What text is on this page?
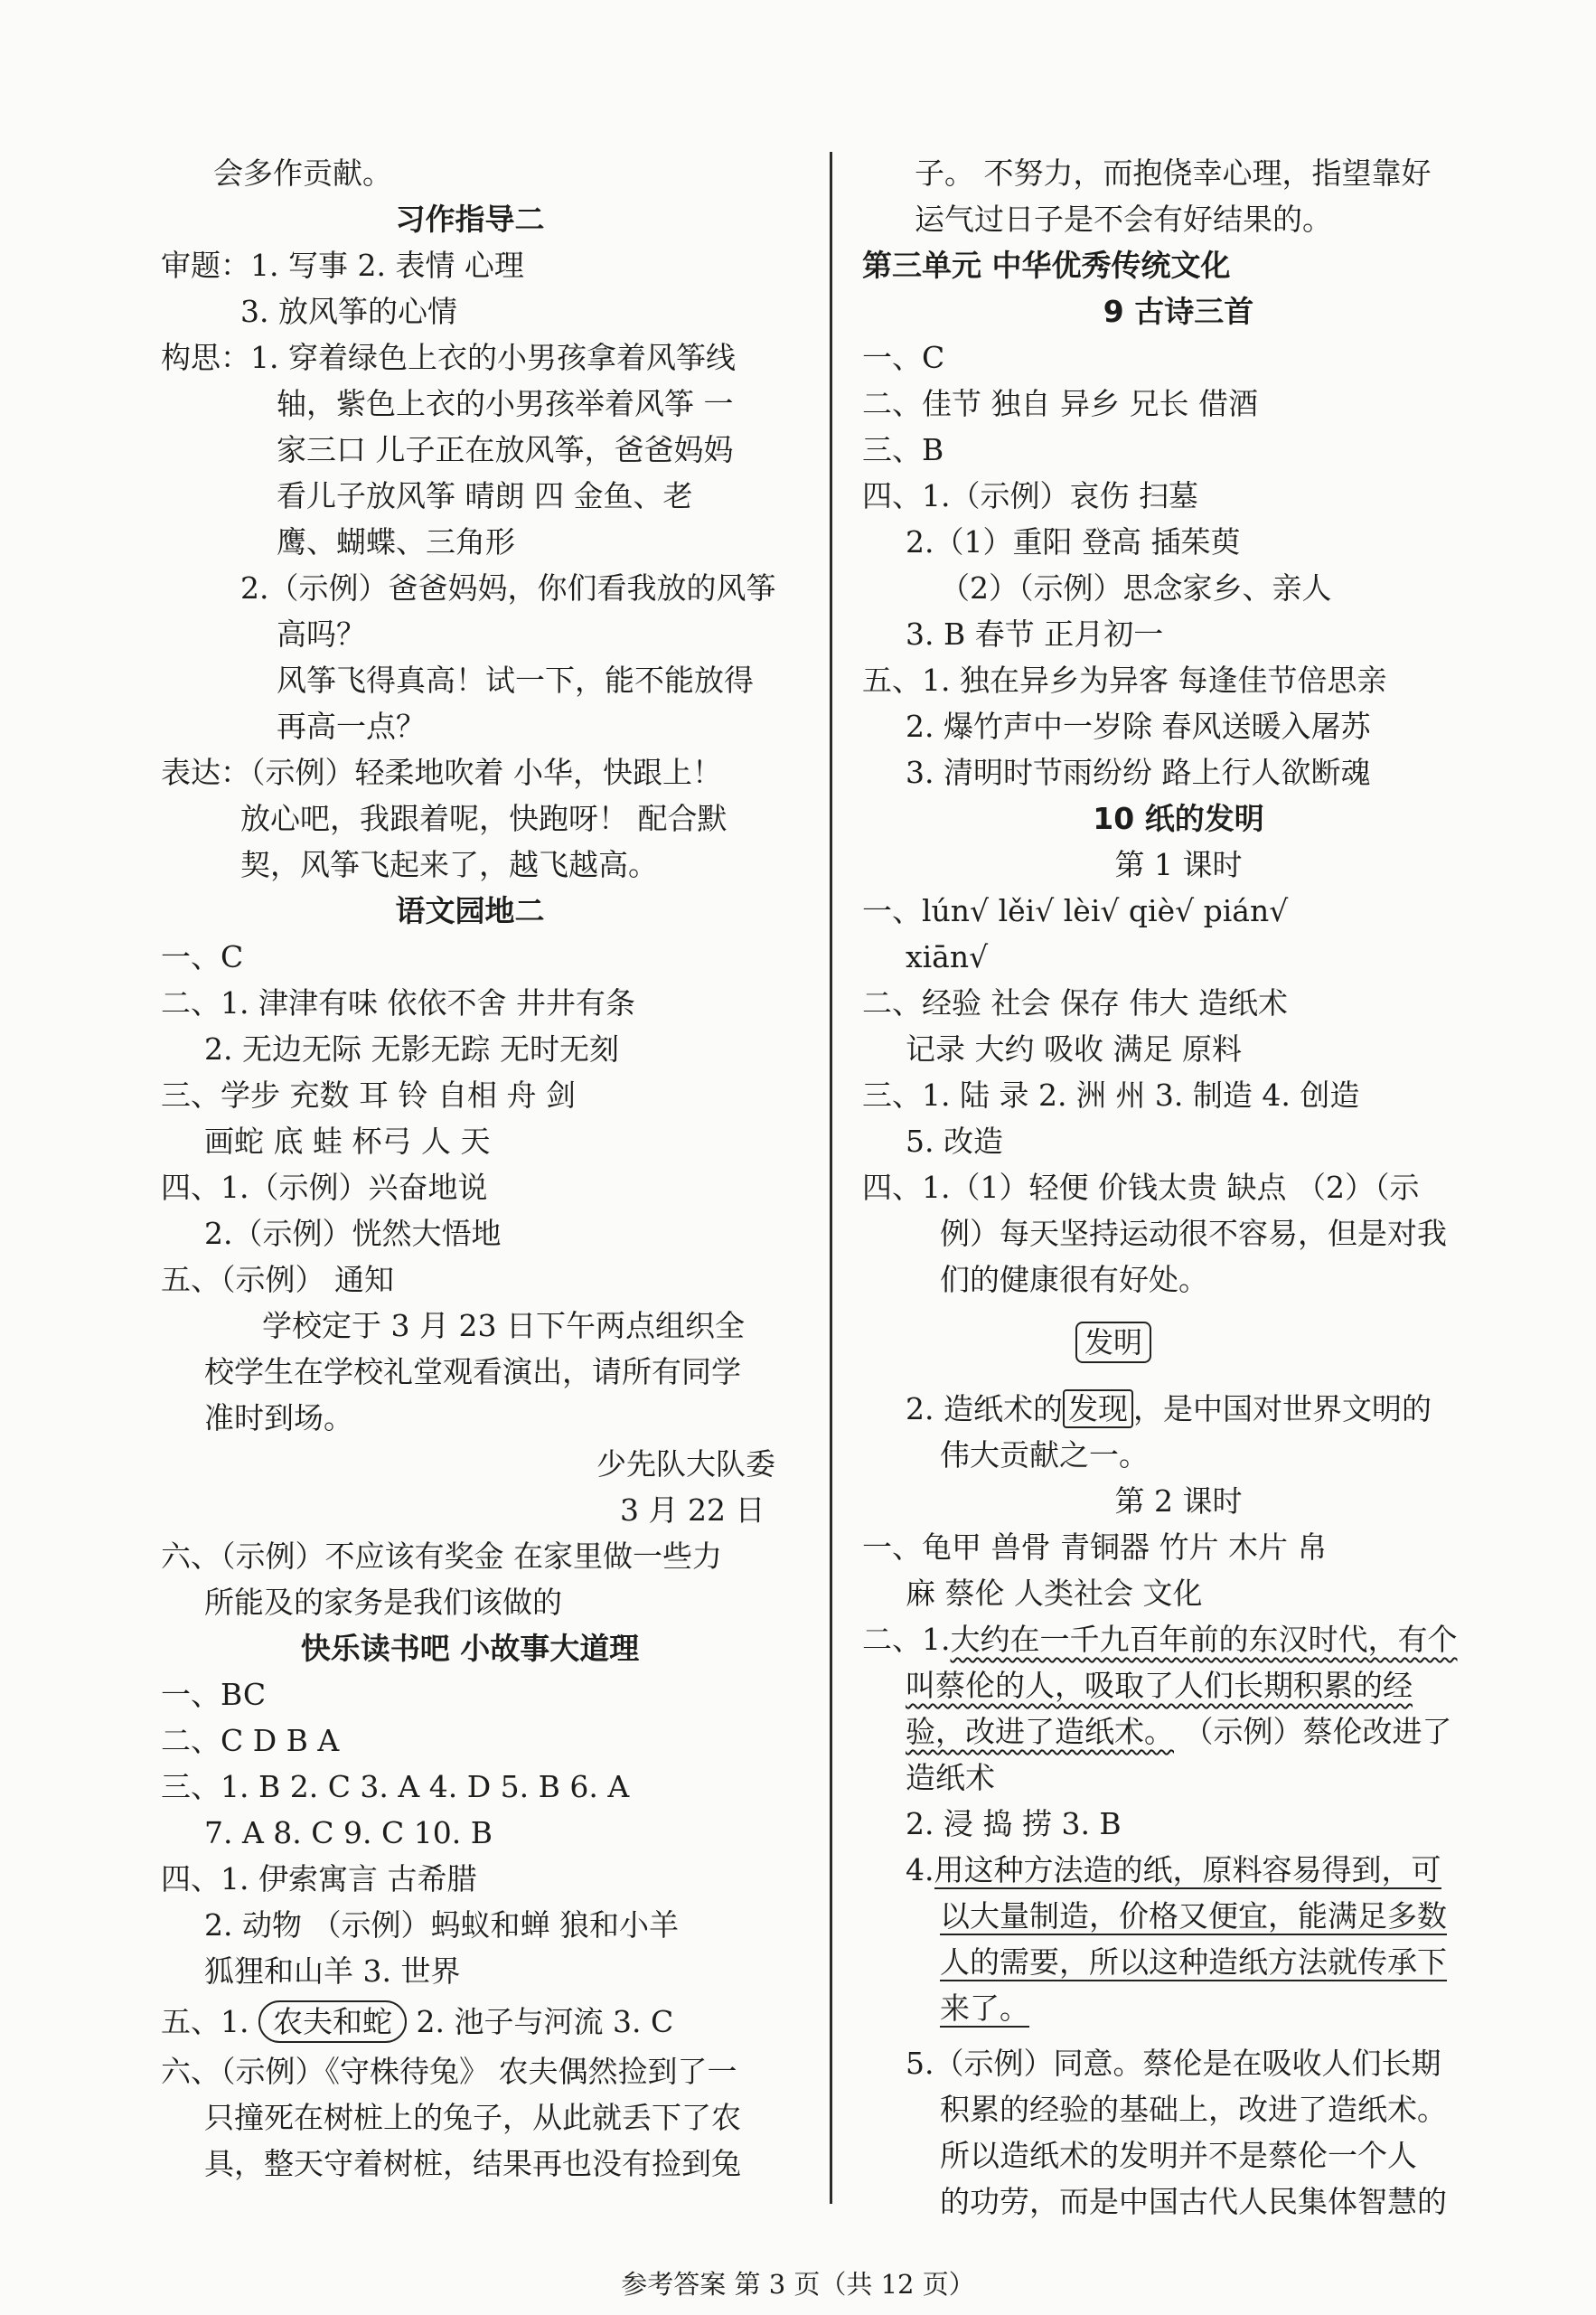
会多作贡献。
习作指导二
审题：1. 写事 2. 表情 心理
3. 放风筝的心情
构思：1. 穿着绿色上衣的小男孩拿着风筝线
轴，紫色上衣的小男孩举着风筝 一
家三口 儿子正在放风筝，爸爸妈妈
看儿子放风筝 晴朗 四 金鱼、老
鹰、蝴蝶、三角形
2.（示例）爸爸妈妈，你们看我放的风筝
高吗？
风筝飞得真高！试一下，能不能放得
再高一点？
表达：（示例）轻柔地吹着 小华，快跟上！
放心吧，我跟着呢，快跑呀！ 配合默
契，风筝飞起来了，越飞越高。
语文园地二
一、C
二、1. 津津有味 依依不舍 井井有条
2. 无边无际 无影无踪 无时无刻
三、学步 充数 耳 铃 自相 舟 剑
画蛇 底 蛙 杯弓 人 天
四、1.（示例）兴奋地说
2.（示例）恍然大悟地
五、（示例） 通知
学校定于 3 月 23 日下午两点组织全
校学生在学校礼堂观看演出，请所有同学
准时到场。
少先队大队委
3 月 22 日
六、（示例）不应该有奖金 在家里做一些力
所能及的家务是我们该做的
快乐读书吧 小故事大道理
一、BC
二、C D B A
三、1. B 2. C 3. A 4. D 5. B 6. A
7. A 8. C 9. C 10. B
四、1. 伊索寓言 古希腊
2. 动物 （示例）蚂蚁和蝉 狼和小羊
狐狸和山羊 3. 世界
五、1. 农夫和蛇 2. 池子与河流 3. C
六、（示例）《守株待兔》 农夫偶然捡到了一
只撞死在树桩上的兔子，从此就丢下了农
具，整天守着树桩，结果再也没有捡到兔
子。 不努力，而抱侥幸心理，指望靠好
运气过日子是不会有好结果的。
第三单元 中华优秀传统文化
9 古诗三首
一、C
二、佳节 独自 异乡 兄长 借酒
三、B
四、1.（示例）哀伤 扫墓
2.（1）重阳 登高 插茱萸
（2）（示例）思念家乡、亲人
3. B 春节 正月初一
五、1. 独在异乡为异客 每逢佳节倍思亲
2. 爆竹声中一岁除 春风送暖入屠苏
3. 清明时节雨纷纷 路上行人欲断魂
10 纸的发明
第 1 课时
一、lún√ lěi√ lèi√ qiè√ pián√
xiān√
二、经验 社会 保存 伟大 造纸术
记录 大约 吸收 满足 原料
三、1. 陆 录 2. 洲 州 3. 制造 4. 创造
5. 改造
四、1.（1）轻便 价钱太贵 缺点 （2）（示
例）每天坚持运动很不容易，但是对我
们的健康很有好处。
发明
2. 造纸术的 发现 ，是中国对世界文明的
伟大贡献之一。
第 2 课时
一、龟甲 兽骨 青铜器 竹片 木片 帛
麻 蔡伦 人类社会 文化
二、1.大约在一千九百年前的东汉时代，有个
叫蔡伦的人，吸取了人们长期积累的经
验，改进了造纸术。 （示例）蔡伦改进了
造纸术
2. 浸 捣 捞 3. B
4.用这种方法造的纸，原料容易得到，可
以大量制造，价格又便宜，能满足多数
人的需要，所以这种造纸方法就传承下
来了。
5.（示例）同意。蔡伦是在吸收人们长期
积累的经验的基础上，改进了造纸术。
所以造纸术的发明并不是蔡伦一个人
的功劳，而是中国古代人民集体智慧的
参考答案 第 3 页（共 12 页）
